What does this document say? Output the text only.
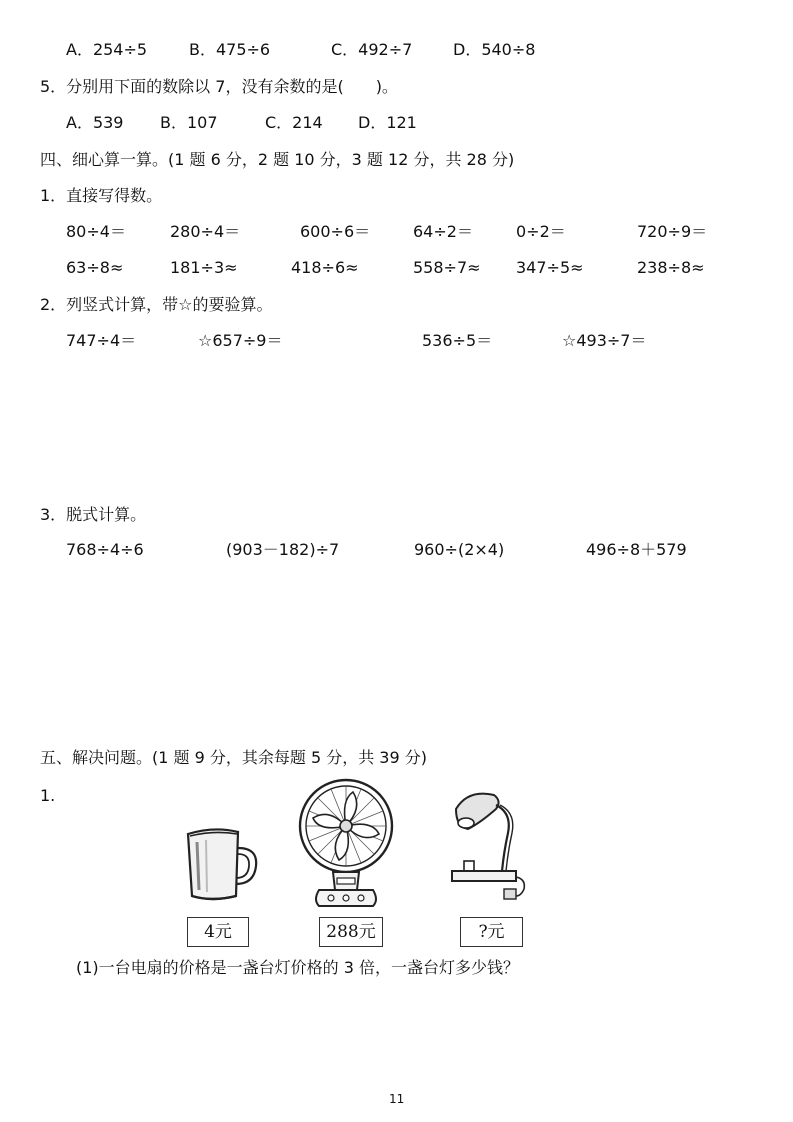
A．254÷5	B．475÷6	C．492÷7	D．540÷8
5．分别用下面的数除以 7，没有余数的是(　　)。
A．539 B．107	C．214 D．121
四、细心算一算。(1 题 6 分，2 题 10 分，3 题 12 分，共 28 分)
1．直接写得数。
80÷4＝	280÷4＝	600÷6＝	64÷2＝	0÷2＝	720÷9＝
63÷8≈	181÷3≈	418÷6≈	558÷7≈ 347÷5≈	238÷8≈
2．列竖式计算，带☆的要验算。
747÷4＝	☆657÷9＝	536÷5＝	☆493÷7＝
3．脱式计算。
768÷4÷6	(903－182)÷7	960÷(2×4)	496÷8＋579
五、解决问题。(1 题 9 分，其余每题 5 分，共 39 分)
1.
4元	288元	?元
(1)一台电扇的价格是一盏台灯价格的 3 倍，一盏台灯多少钱？
11
